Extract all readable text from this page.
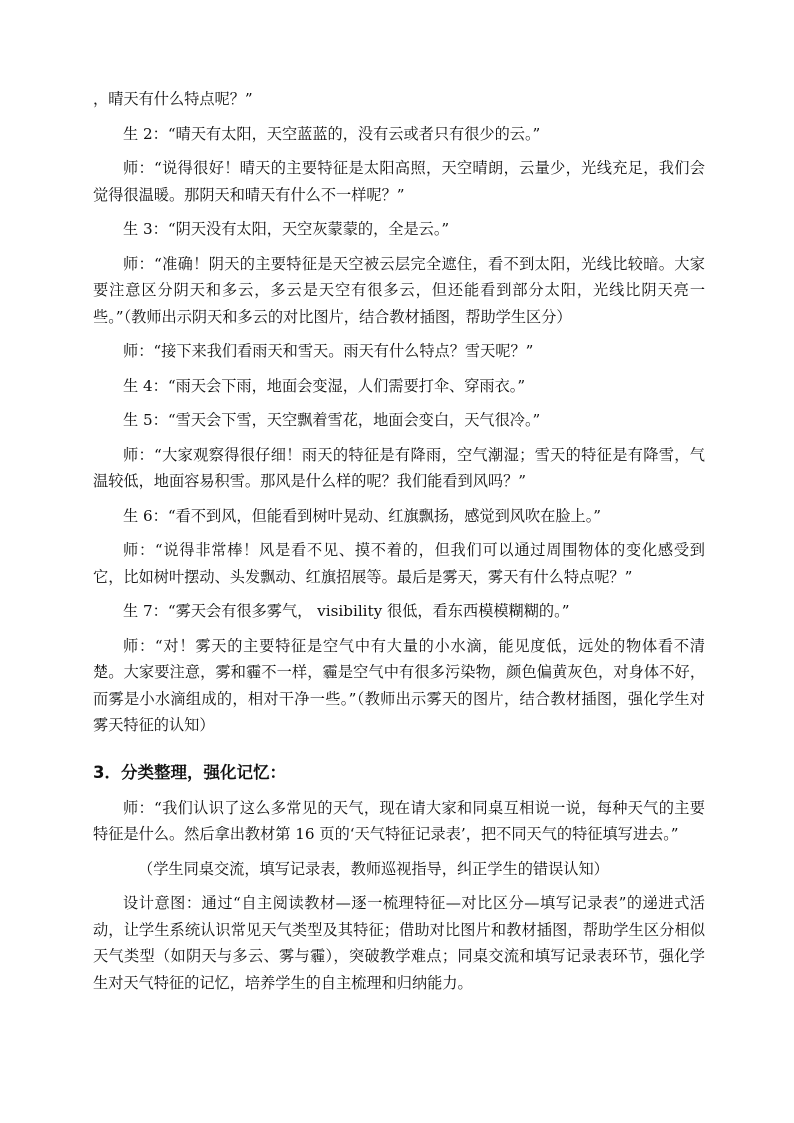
，晴天有什么特点呢？”

生 2：“晴天有太阳，天空蓝蓝的，没有云或者只有很少的云。”

师：“说得很好！晴天的主要特征是太阳高照，天空晴朗，云量少，光线充足，我们会觉得很温暖。那阴天和晴天有什么不一样呢？”

生 3：“阴天没有太阳，天空灰蒙蒙的，全是云。”

师：“准确！阴天的主要特征是天空被云层完全遮住，看不到太阳，光线比较暗。大家要注意区分阴天和多云，多云是天空有很多云，但还能看到部分太阳，光线比阴天亮一些。”（教师出示阴天和多云的对比图片，结合教材插图，帮助学生区分）

师：“接下来我们看雨天和雪天。雨天有什么特点？雪天呢？”

生 4：“雨天会下雨，地面会变湿，人们需要打伞、穿雨衣。”

生 5：“雪天会下雪，天空飘着雪花，地面会变白，天气很冷。”

师：“大家观察得很仔细！雨天的特征是有降雨，空气潮湿；雪天的特征是有降雪，气温较低，地面容易积雪。那风是什么样的呢？我们能看到风吗？”

生 6：“看不到风，但能看到树叶晃动、红旗飘扬，感觉到风吹在脸上。”

师：“说得非常棒！风是看不见、摸不着的，但我们可以通过周围物体的变化感受到它，比如树叶摆动、头发飘动、红旗招展等。最后是雾天，雾天有什么特点呢？”

生 7：“雾天会有很多雾气， visibility 很低，看东西模模糊糊的。”

师：“对！雾天的主要特征是空气中有大量的小水滴，能见度低，远处的物体看不清楚。大家要注意，雾和霾不一样，霾是空气中有很多污染物，颜色偏黄灰色，对身体不好，而雾是小水滴组成的，相对干净一些。”（教师出示雾天的图片，结合教材插图，强化学生对雾天特征的认知）

3．分类整理，强化记忆：

师：“我们认识了这么多常见的天气，现在请大家和同桌互相说一说，每种天气的主要特征是什么。然后拿出教材第 16 页的‘天气特征记录表’，把不同天气的特征填写进去。”

（学生同桌交流，填写记录表，教师巡视指导，纠正学生的错误认知）

设计意图：通过“自主阅读教材—逐一梳理特征—对比区分—填写记录表”的递进式活动，让学生系统认识常见天气类型及其特征；借助对比图片和教材插图，帮助学生区分相似天气类型（如阴天与多云、雾与霾），突破教学难点；同桌交流和填写记录表环节，强化学生对天气特征的记忆，培养学生的自主梳理和归纳能力。
